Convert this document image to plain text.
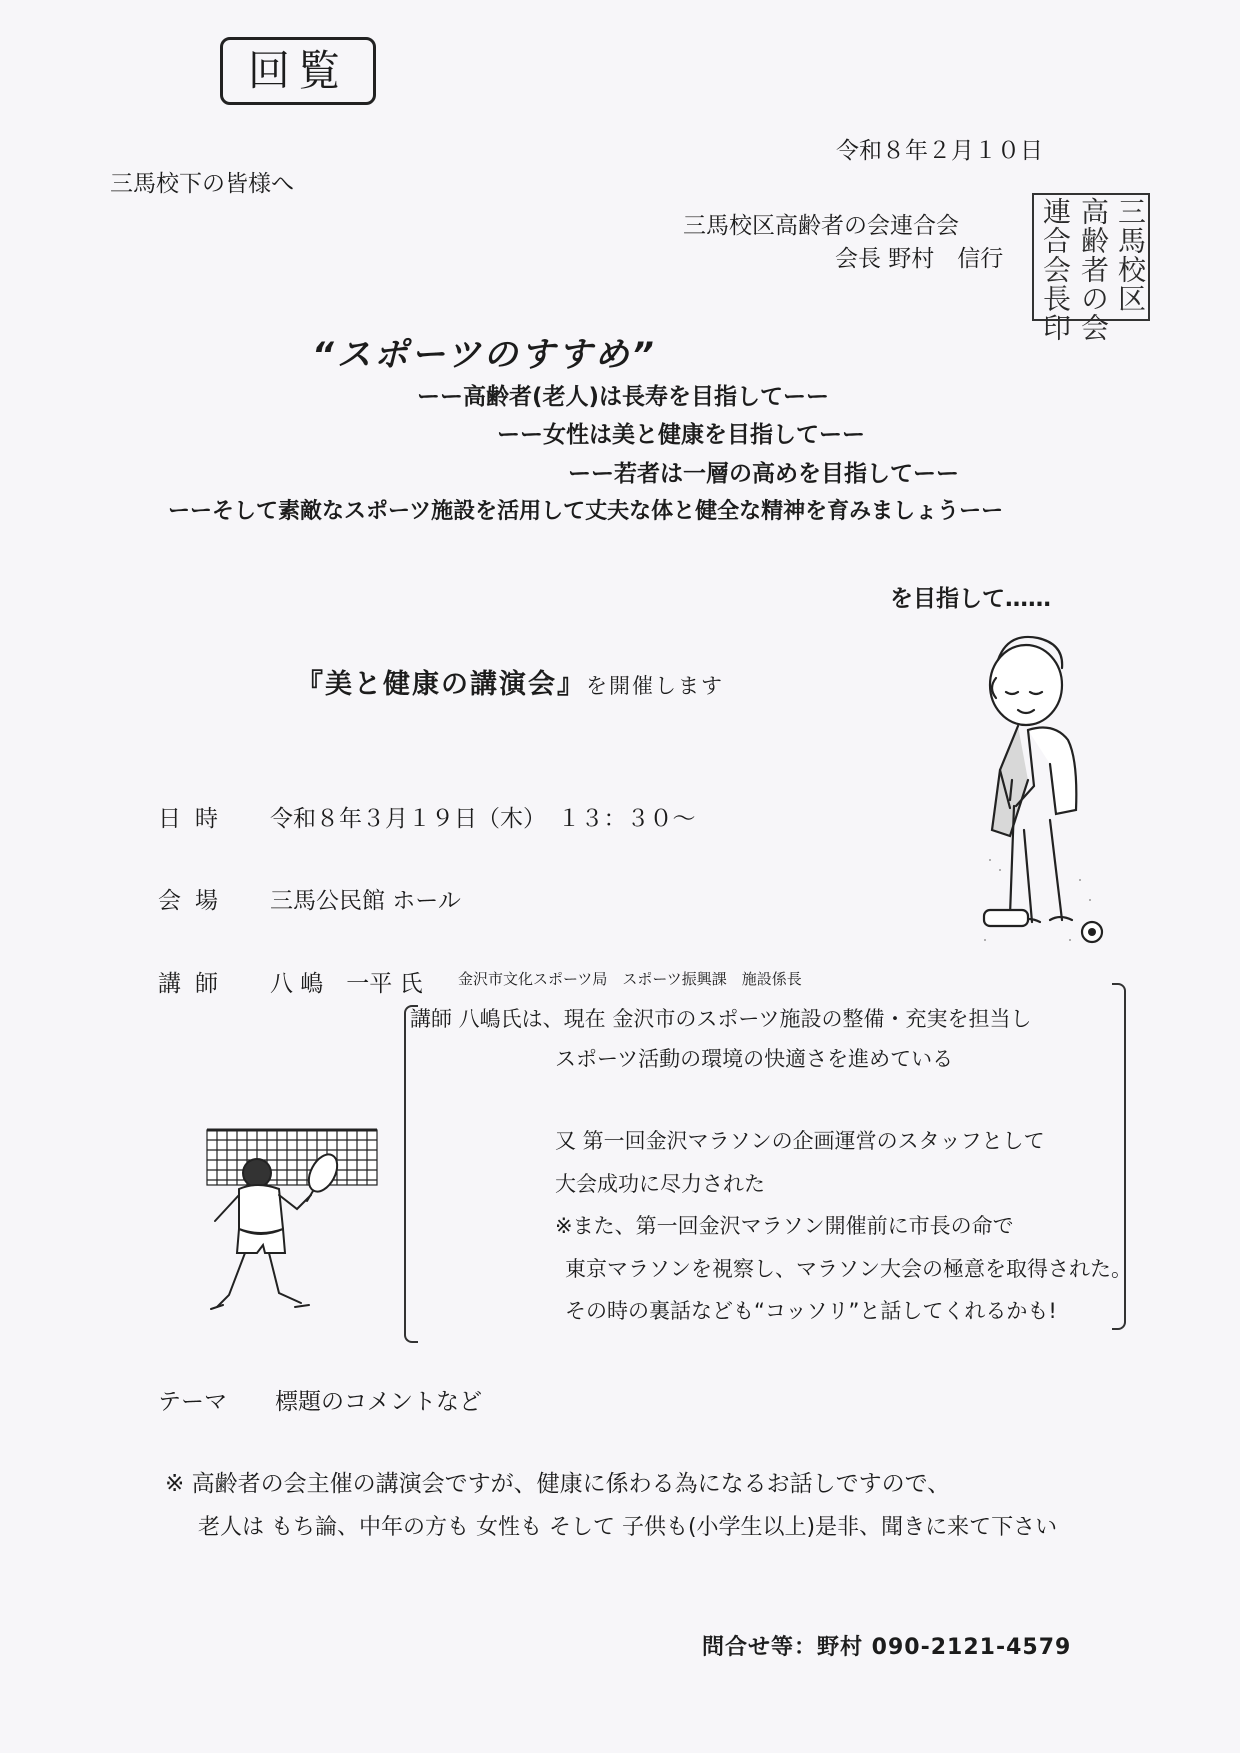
回覧
令和８年２月１０日
三馬校下の皆様へ
三馬校区高齢者の会連合会
会長 野村　信行	三馬校区
高齢者の会
連合会長印
“スポーツのすすめ”
ーー高齢者(老人)は長寿を目指してーー
ーー女性は美と健康を目指してーー
ーー若者は一層の高めを目指してーー
ーーそして素敵なスポーツ施設を活用して丈夫な体と健全な精神を育みましょうーー
を目指して……
『美と健康の講演会』を開催します
日時 令和８年３月１９日（木）　１３：３０～
会場 三馬公民館 ホール
講師 八 嶋　一平 氏 金沢市文化スポーツ局　スポーツ振興課　施設係長
講師 八嶋氏は、現在 金沢市のスポーツ施設の整備・充実を担当し
スポーツ活動の環境の快適さを進めている
又 第一回金沢マラソンの企画運営のスタッフとして
大会成功に尽力された
※また、第一回金沢マラソン開催前に市長の命で
東京マラソンを視察し、マラソン大会の極意を取得された。
その時の裏話なども“コッソリ”と話してくれるかも!
テーマ 標題のコメントなど
※ 高齢者の会主催の講演会ですが、健康に係わる為になるお話しですので、
老人は もち論、中年の方も 女性も そして 子供も(小学生以上)是非、聞きに来て下さい
問合せ等：野村 090-2121-4579
